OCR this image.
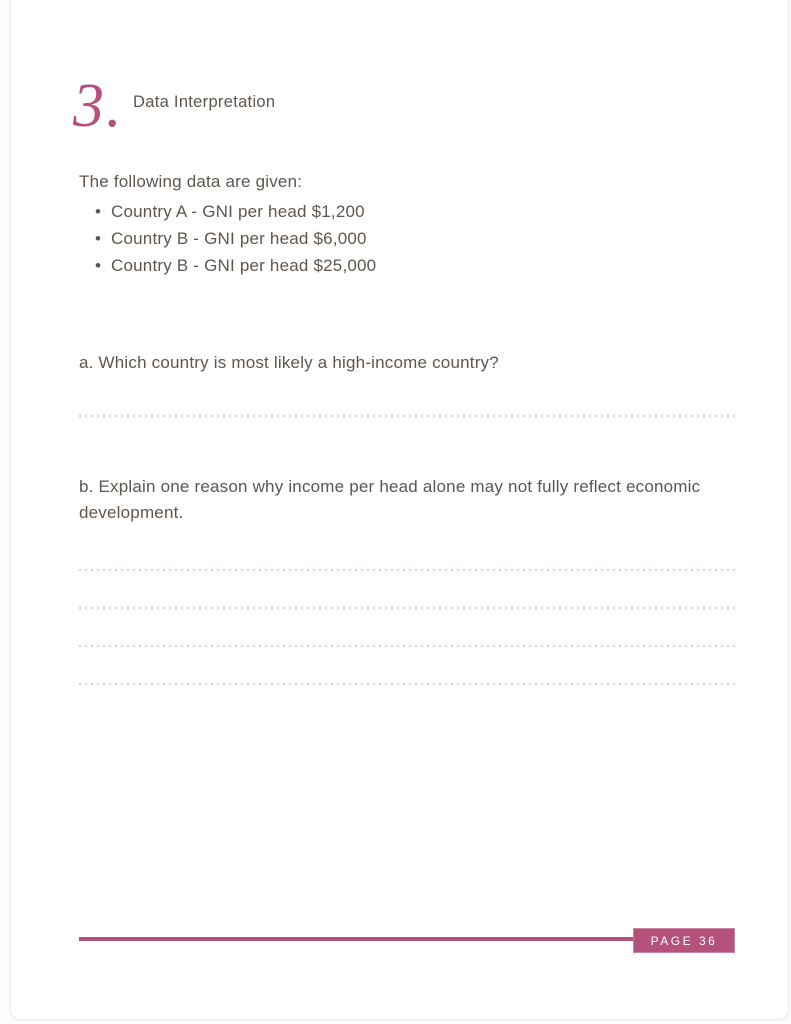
3. Data Interpretation
The following data are given:
• Country A - GNI per head $1,200
• Country B - GNI per head $6,000
• Country B - GNI per head $25,000
a. Which country is most likely a high-income country?
b. Explain one reason why income per head alone may not fully reflect economic development.
PAGE 36
